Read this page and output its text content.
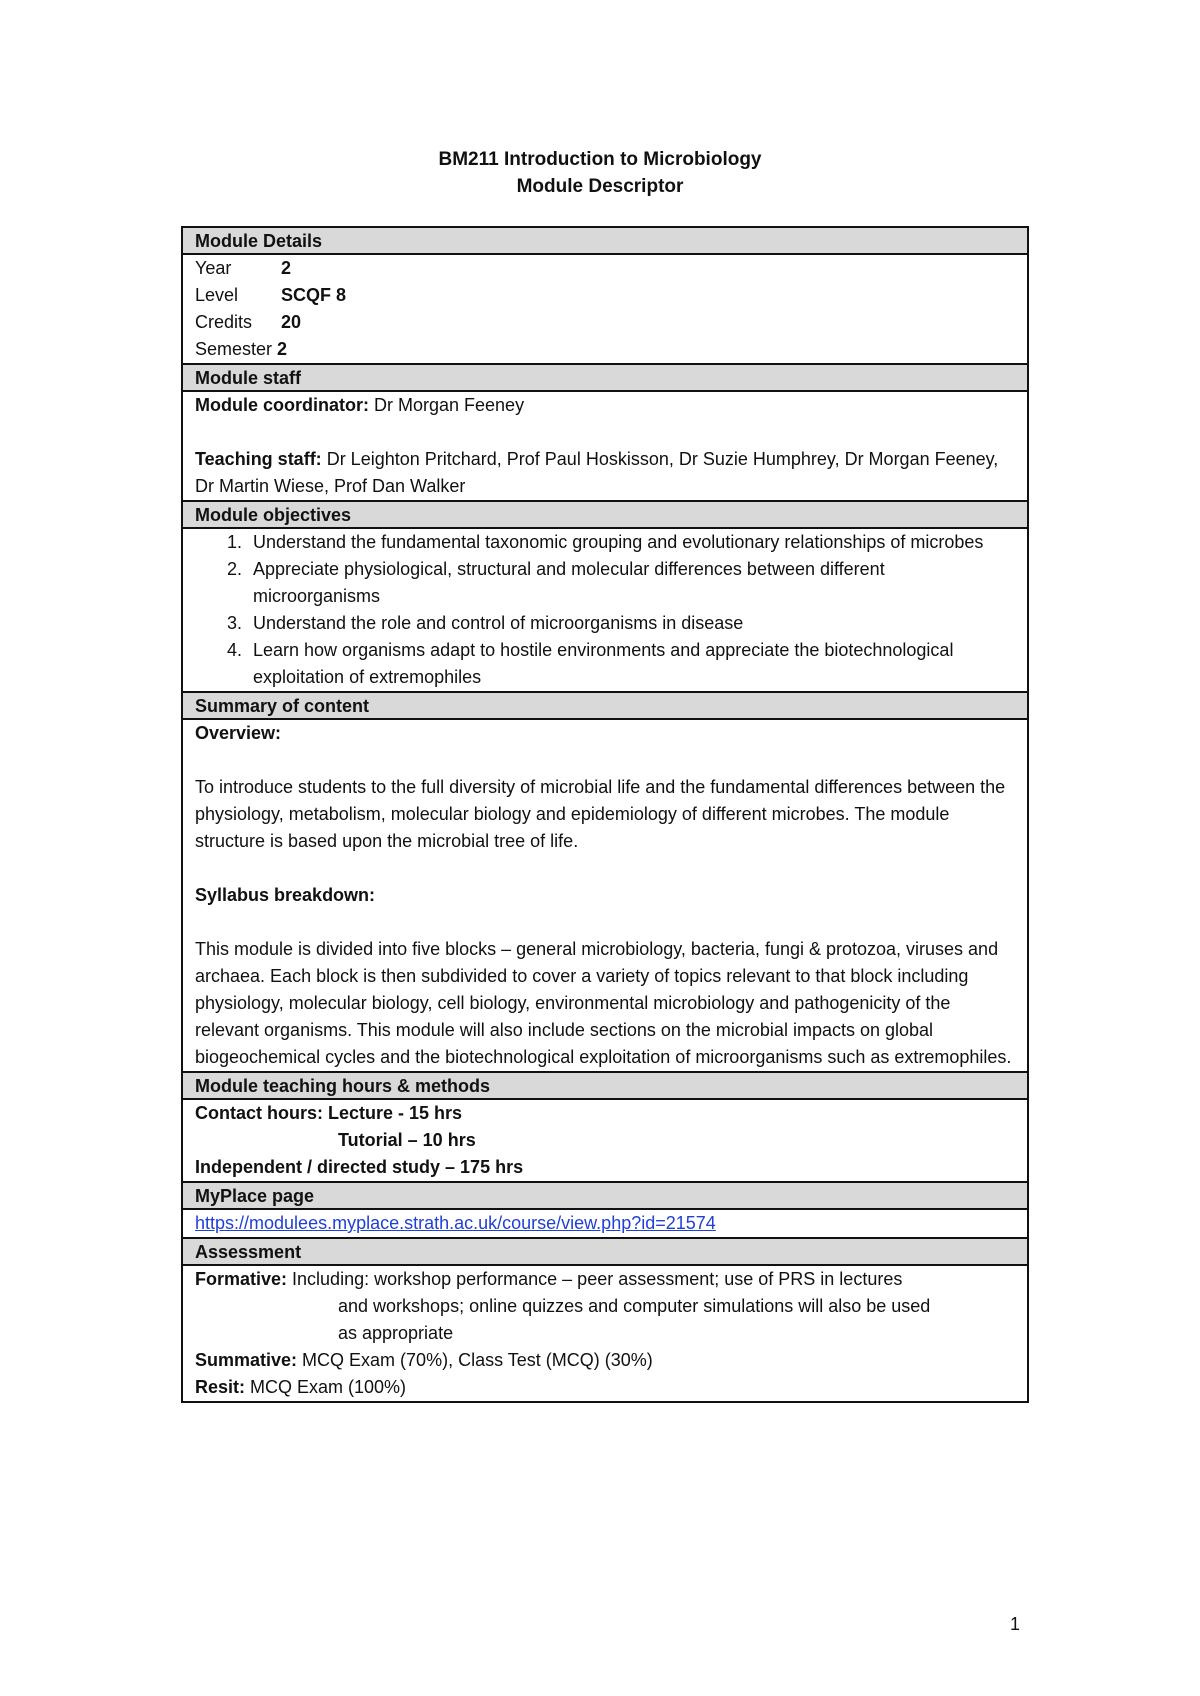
BM211 Introduction to Microbiology
Module Descriptor
Module Details
Year	2
Level	SCQF 8
Credits	20
Semester 2
Module staff
Module coordinator: Dr Morgan Feeney
Teaching staff: Dr Leighton Pritchard, Prof Paul Hoskisson, Dr Suzie Humphrey, Dr Morgan Feeney, Dr Martin Wiese, Prof Dan Walker
Module objectives
1. Understand the fundamental taxonomic grouping and evolutionary relationships of microbes
2. Appreciate physiological, structural and molecular differences between different microorganisms
3. Understand the role and control of microorganisms in disease
4. Learn how organisms adapt to hostile environments and appreciate the biotechnological exploitation of extremophiles
Summary of content
Overview:
To introduce students to the full diversity of microbial life and the fundamental differences between the physiology, metabolism, molecular biology and epidemiology of different microbes. The module structure is based upon the microbial tree of life.
Syllabus breakdown:
This module is divided into five blocks – general microbiology, bacteria, fungi & protozoa, viruses and archaea. Each block is then subdivided to cover a variety of topics relevant to that block including physiology, molecular biology, cell biology, environmental microbiology and pathogenicity of the relevant organisms. This module will also include sections on the microbial impacts on global biogeochemical cycles and the biotechnological exploitation of microorganisms such as extremophiles.
Module teaching hours & methods
Contact hours: Lecture - 15 hrs
Tutorial – 10 hrs
Independent / directed study – 175 hrs
MyPlace page
https://modulees.myplace.strath.ac.uk/course/view.php?id=21574
Assessment
Formative: Including: workshop performance – peer assessment; use of PRS in lectures
and workshops; online quizzes and computer simulations will also be used
as appropriate
Summative: MCQ Exam (70%), Class Test (MCQ) (30%)
Resit: MCQ Exam (100%)
1
